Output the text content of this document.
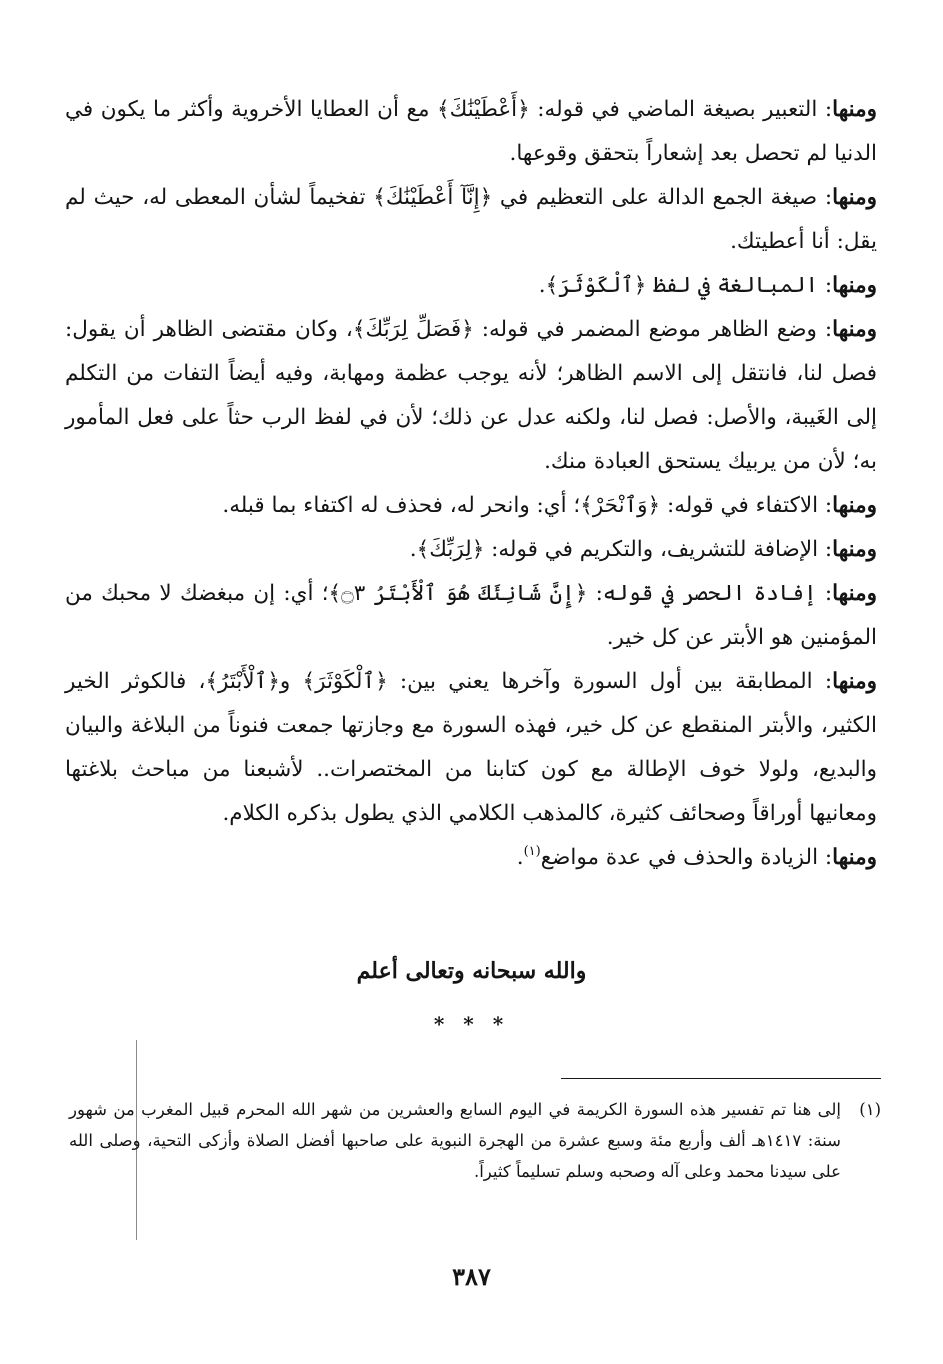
ومنها: التعبير بصيغة الماضي في قوله: ﴿أَعْطَيْنَٰكَ﴾ مع أن العطايا الأخروية وأكثر ما يكون في الدنيا لم تحصل بعد إشعاراً بتحقق وقوعها.

ومنها: صيغة الجمع الدالة على التعظيم في ﴿إِنَّآ أَعْطَيْنَٰكَ﴾ تفخيماً لشأن المعطى له، حيث لم يقل: أنا أعطيتك.

ومنها: المبالغة في لفظ ﴿ٱلْكَوْثَرَ﴾.

ومنها: وضع الظاهر موضع المضمر في قوله: ﴿فَصَلِّ لِرَبِّكَ﴾، وكان مقتضى الظاهر أن يقول: فصل لنا، فانتقل إلى الاسم الظاهر؛ لأنه يوجب عظمة ومهابة، وفيه أيضاً التفات من التكلم إلى الغَيبة، والأصل: فصل لنا، ولكنه عدل عن ذلك؛ لأن في لفظ الرب حثاً على فعل المأمور به؛ لأن من يربيك يستحق العبادة منك.

ومنها: الاكتفاء في قوله: ﴿وَٱنْحَرْ﴾؛ أي: وانحر له، فحذف له اكتفاء بما قبله.

ومنها: الإضافة للتشريف، والتكريم في قوله: ﴿لِرَبِّكَ﴾.

ومنها: إفادة الحصر في قوله: ﴿إِنَّ شَانِئَكَ هُوَ ٱلْأَبْتَرُ ۝٣﴾؛ أي: إن مبغضك لا محبك من المؤمنين هو الأبتر عن كل خير.

ومنها: المطابقة بين أول السورة وآخرها يعني بين: ﴿ٱلْكَوْثَرَ﴾ و﴿ٱلْأَبْتَرُ﴾، فالكوثر الخير الكثير، والأبتر المنقطع عن كل خير، فهذه السورة مع وجازتها جمعت فنوناً من البلاغة والبيان والبديع، ولولا خوف الإطالة مع كون كتابنا من المختصرات.. لأشبعنا من مباحث بلاغتها ومعانيها أوراقاً وصحائف كثيرة، كالمذهب الكلامي الذي يطول بذكره الكلام.

ومنها: الزيادة والحذف في عدة مواضع$^{(١)}$.

والله سبحانه وتعالى أعلم
* * *
(١)
إلى هنا تم تفسير هذه السورة الكريمة في اليوم السابع والعشرين من شهر الله المحرم قبيل المغرب من شهور سنة: ١٤١٧هـ ألف وأربع مئة وسبع عشرة من الهجرة النبوية على صاحبها أفضل الصلاة وأزكى التحية، وصلى الله على سيدنا محمد وعلى آله وصحبه وسلم تسليماً كثيراً.
٣٨٧
